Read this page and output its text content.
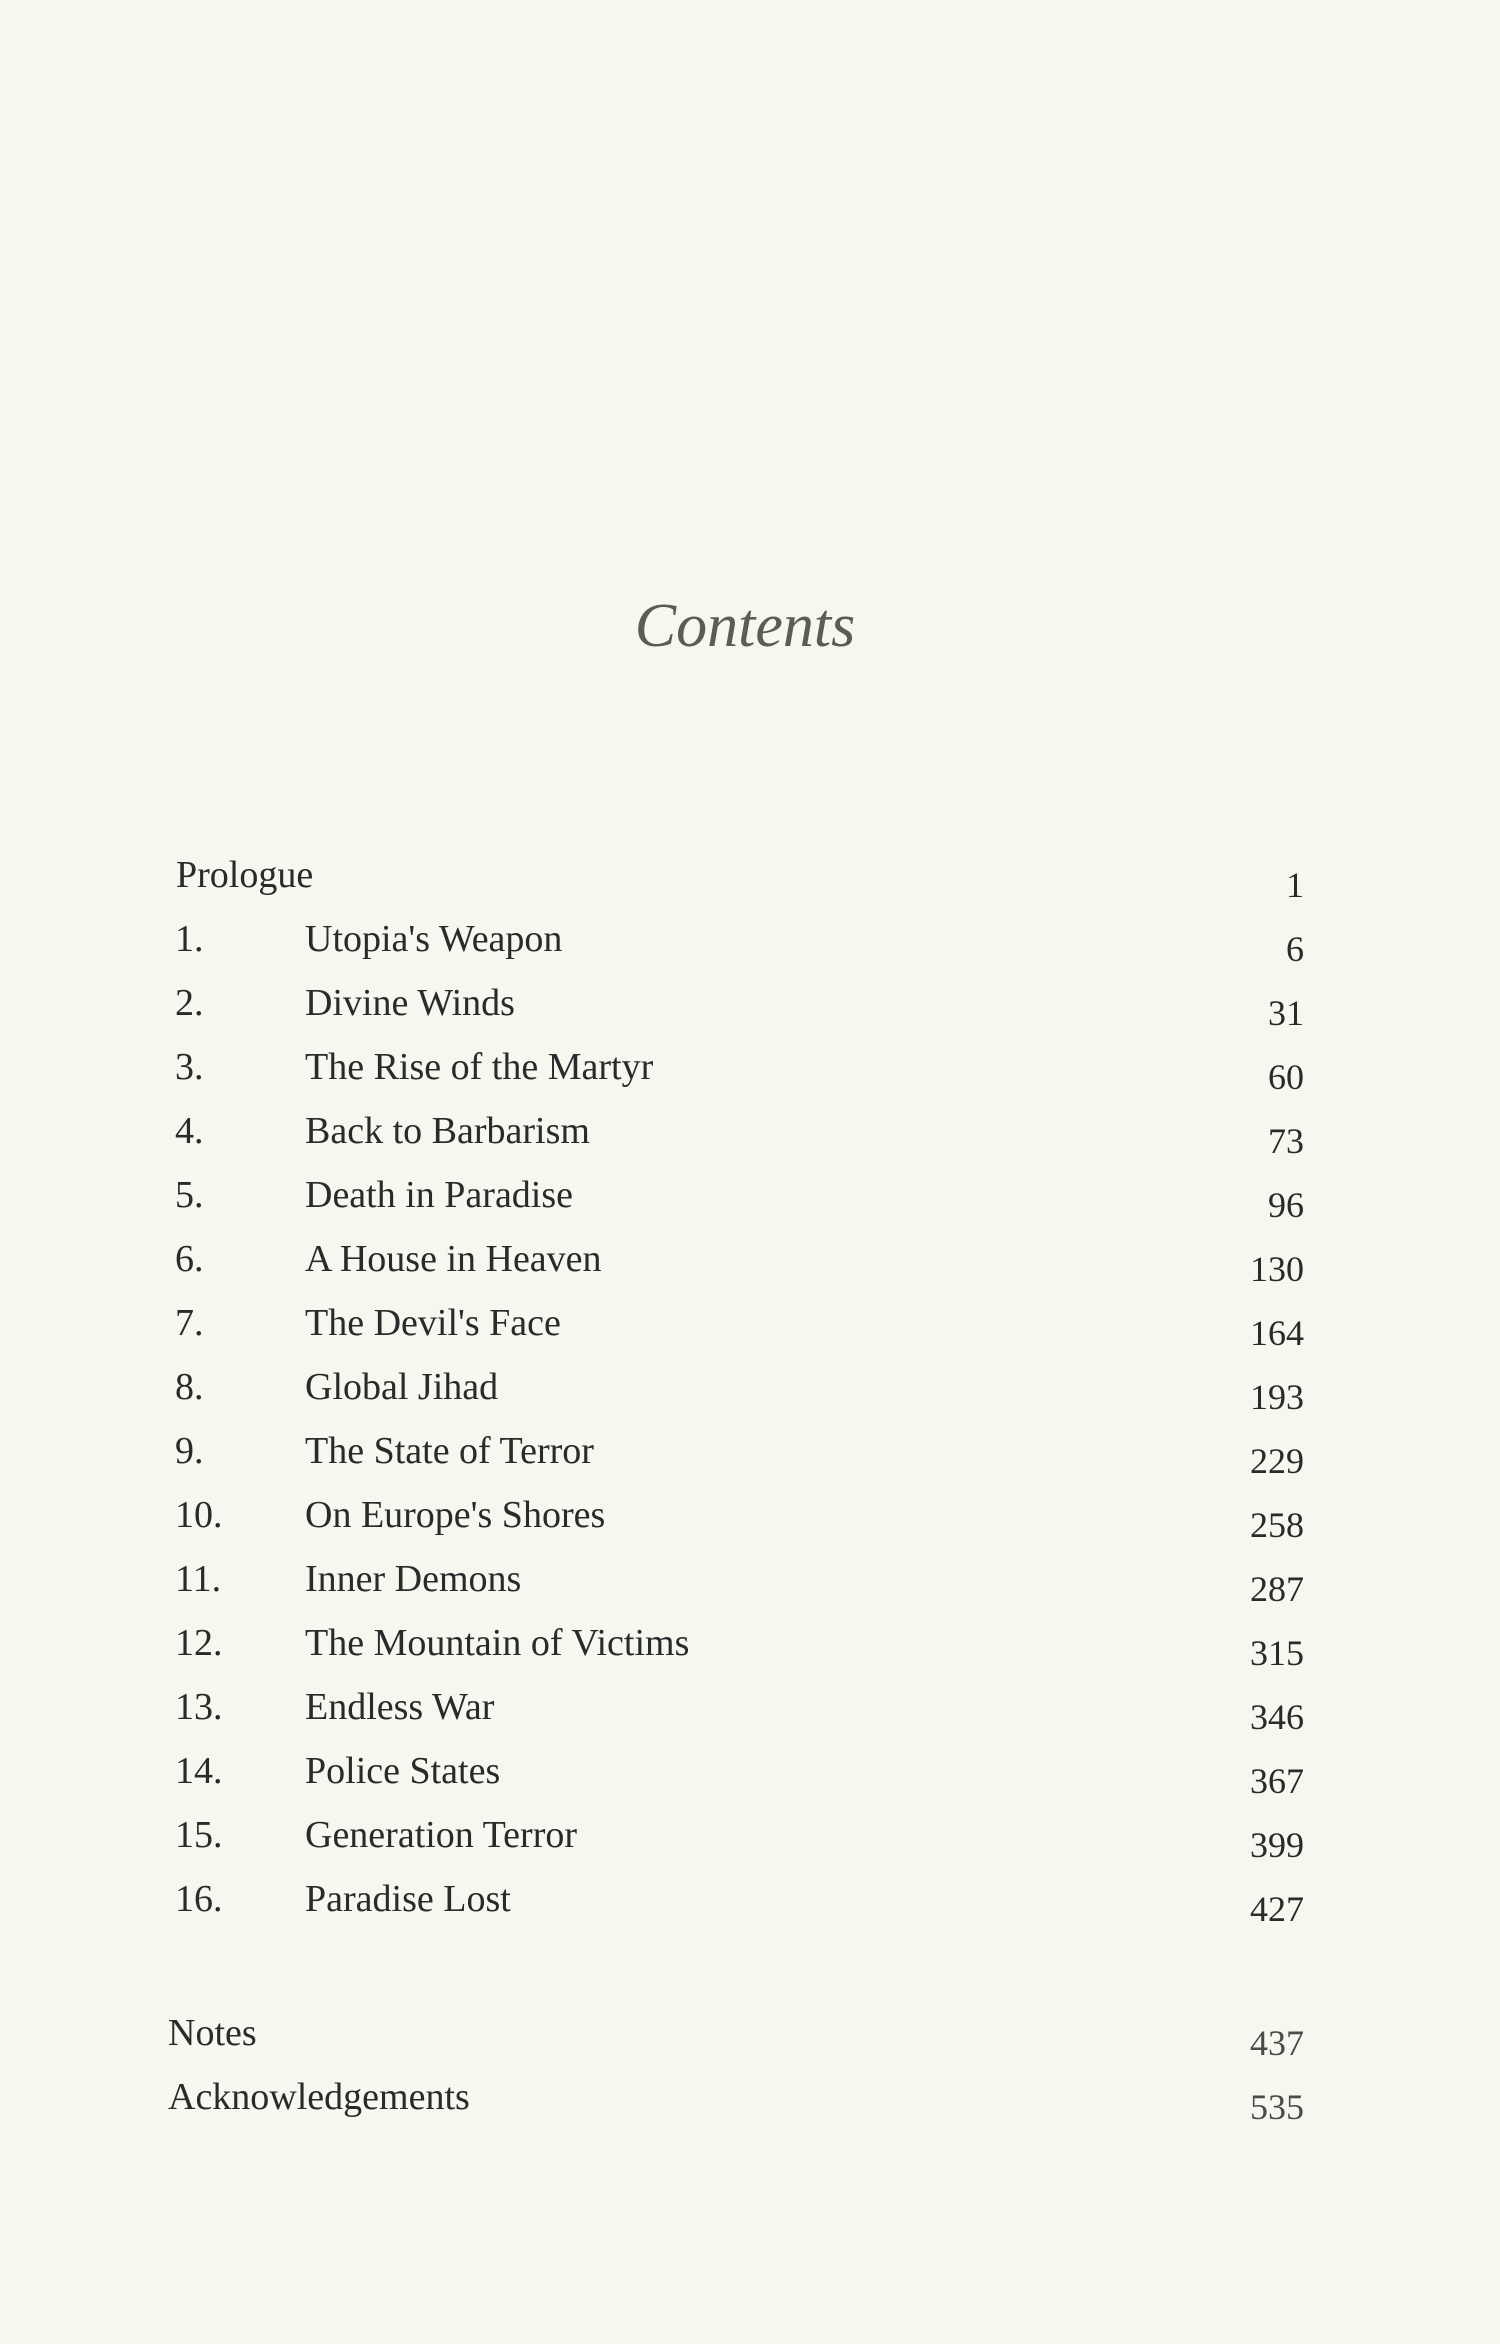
Contents
Prologue	1
1.	Utopia's Weapon	6
2.	Divine Winds	31
3.	The Rise of the Martyr	60
4.	Back to Barbarism	73
5.	Death in Paradise	96
6.	A House in Heaven	130
7.	The Devil's Face	164
8.	Global Jihad	193
9.	The State of Terror	229
10. On Europe's Shores	258
11. Inner Demons	287
12. The Mountain of Victims	315
13. Endless War	346
14. Police States	367
15. Generation Terror	399
16. Paradise Lost	427
Notes	437
Acknowledgements	535
